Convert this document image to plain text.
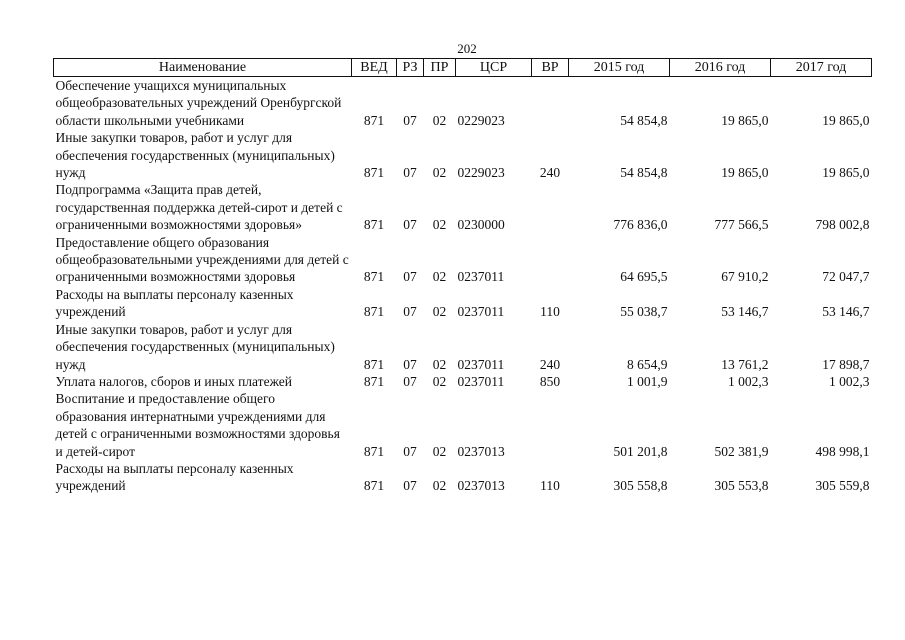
202
Наименование	ВЕД	РЗ	ПР	ЦСР	ВР	2015 год	2016 год	2017 год
Обеспечение учащихся муниципальных общеобразовательных учреждений Оренбургской области школьными учебниками	871	07	02	0229023		54 854,8	19 865,0	19 865,0
Иные закупки товаров, работ и услуг для обеспечения государственных (муниципальных) нужд	871	07	02	0229023	240	54 854,8	19 865,0	19 865,0
Подпрограмма «Защита прав детей, государственная поддержка детей-сирот и детей с ограниченными возможностями здоровья»	871	07	02	0230000		776 836,0	777 566,5	798 002,8
Предоставление общего образования общеобразовательными учреждениями для детей с ограниченными возможностями здоровья	871	07	02	0237011		64 695,5	67 910,2	72 047,7
Расходы на выплаты персоналу казенных учреждений	871	07	02	0237011	110	55 038,7	53 146,7	53 146,7
Иные закупки товаров, работ и услуг для обеспечения государственных (муниципальных) нужд	871	07	02	0237011	240	8 654,9	13 761,2	17 898,7
Уплата налогов, сборов и иных платежей	871	07	02	0237011	850	1 001,9	1 002,3	1 002,3
Воспитание и предоставление общего образования интернатными учреждениями для детей с ограниченными возможностями здоровья и детей-сирот	871	07	02	0237013		501 201,8	502 381,9	498 998,1
Расходы на выплаты персоналу казенных учреждений	871	07	02	0237013	110	305 558,8	305 553,8	305 559,8
